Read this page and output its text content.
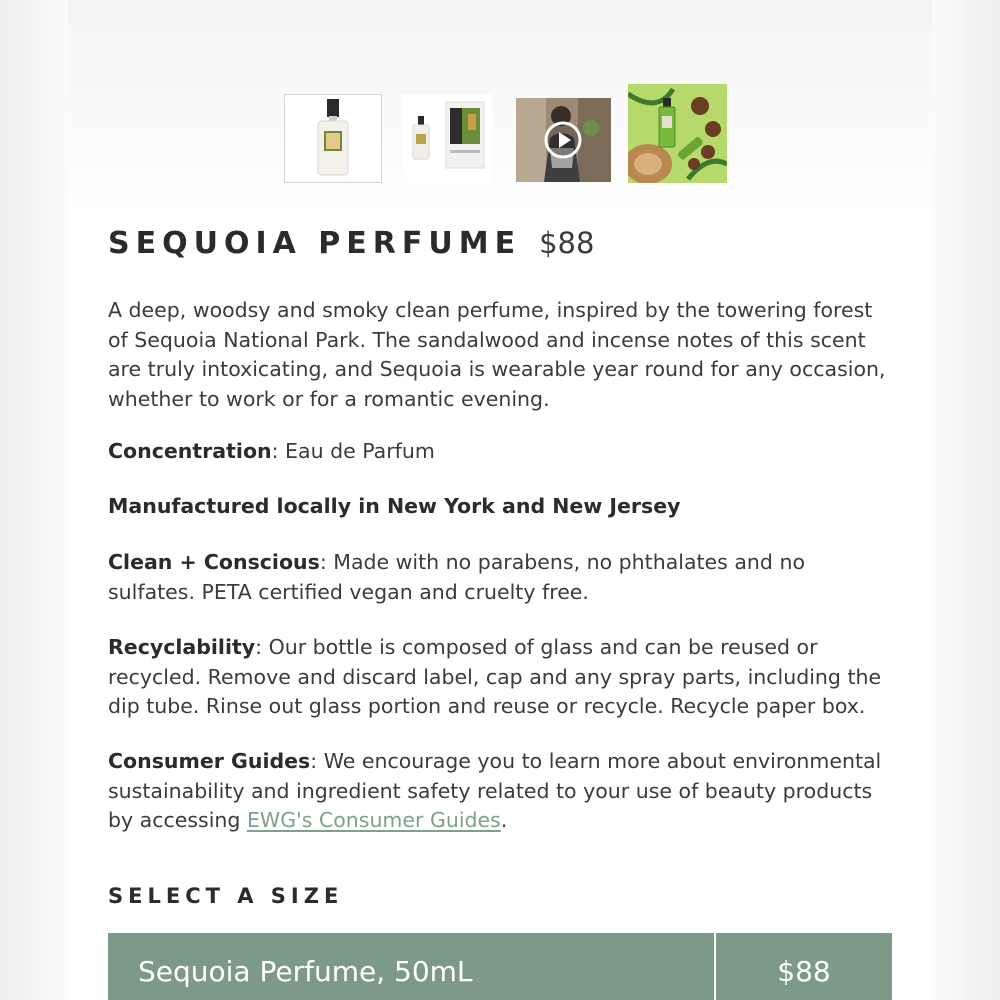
SEQUOIA PERFUME $88

A deep, woodsy and smoky clean perfume, inspired by the towering forest of Sequoia National Park. The sandalwood and incense notes of this scent are truly intoxicating, and Sequoia is wearable year round for any occasion, whether to work or for a romantic evening.

Concentration: Eau de Parfum

Manufactured locally in New York and New Jersey

Clean + Conscious: Made with no parabens, no phthalates and no sulfates. PETA certified vegan and cruelty free.

Recyclability: Our bottle is composed of glass and can be reused or recycled. Remove and discard label, cap and any spray parts, including the dip tube. Rinse out glass portion and reuse or recycle. Recycle paper box.

Consumer Guides: We encourage you to learn more about environmental sustainability and ingredient safety related to your use of beauty products by accessing EWG's Consumer Guides.

SELECT A SIZE
Sequoia Perfume, 50mL	$88
